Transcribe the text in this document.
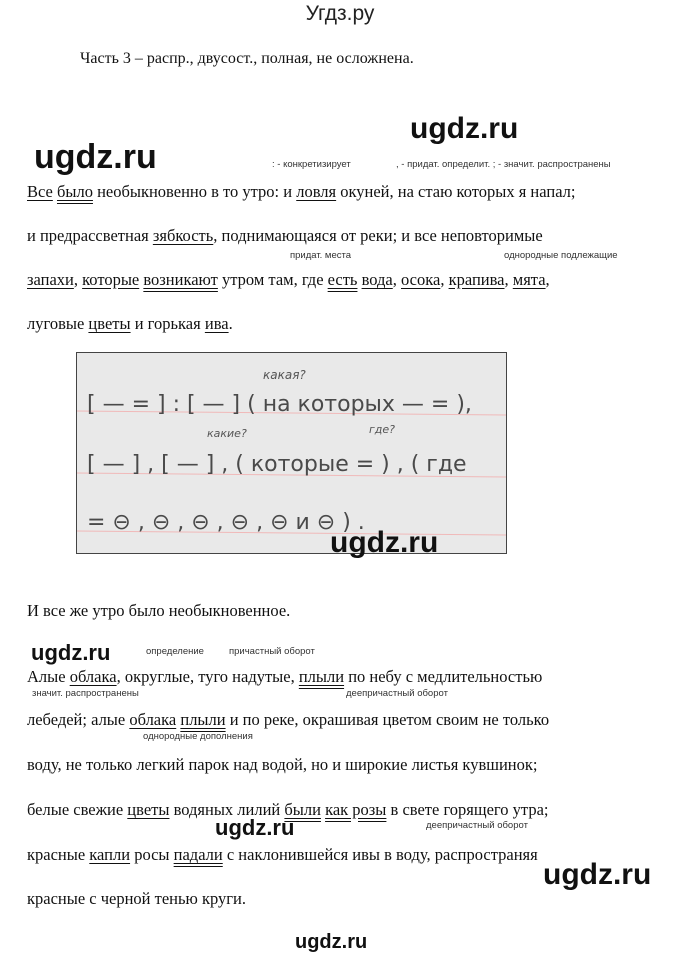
Угдз.ру
Часть 3 – распр., двусост., полная, не осложнена.
ugdz.ru
ugdz.ru	: - конкретизирует	, - придат. определит. ; - значит. распространены
Все было необыкновенно в то утро: и ловля окуней, на стаю которых я напал;
и предрассветная зябкость, поднимающаяся от реки; и все неповторимые
придат. места	однородные подлежащие
запахи, которые возникают утром там, где есть вода, осока, крапива, мята,
луговые цветы и горькая ива.
какая?
какие?	где?
[ — = ] : [ — ] ( на которых — = ),
[ — ] , [ — ] , ( которые = ) , ( где
= ⊖ , ⊖ , ⊖ , ⊖ , ⊖ и ⊖ ) .
ugdz.ru
И все же утро было необыкновенное.
ugdz.ru	определение	причастный оборот
Алые облака, округлые, туго надутые, плыли по небу с медлительностью
значит. распространены	деепричастный оборот
лебедей; алые облака плыли и по реке, окрашивая цветом своим не только
однородные дополнения
воду, не только легкий парок над водой, но и широкие листья кувшинок;
белые свежие цветы водяных лилий были как розы в свете горящего утра;
ugdz.ru	деепричастный оборот
красные капли росы падали с наклонившейся ивы в воду, распространяя
ugdz.ru
красные с черной тенью круги.
ugdz.ru
